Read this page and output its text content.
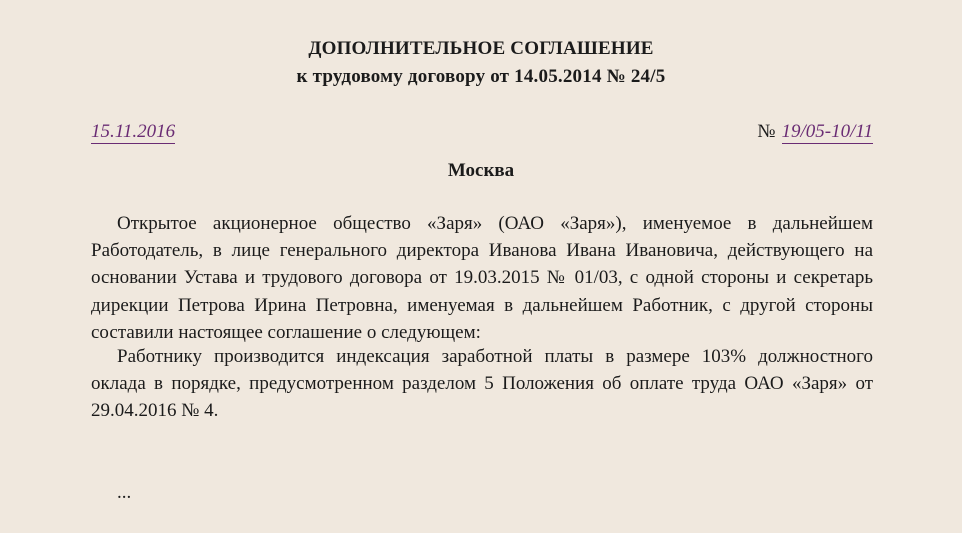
ДОПОЛНИТЕЛЬНОЕ СОГЛАШЕНИЕ
к трудовому договору от 14.05.2014 № 24/5
15.11.2016	№ 19/05-10/11
Москва

Открытое акционерное общество «Заря» (ОАО «Заря»), именуемое в дальнейшем Работодатель, в лице генерального директора Иванова Ивана Ивановича, действующего на основании Устава и трудового договора от 19.03.2015 № 01/03, с одной стороны и секретарь дирекции Петрова Ирина Петровна, именуемая в дальнейшем Работник, с другой стороны составили настоящее соглашение о следующем:

Работнику производится индексация заработной платы в размере 103% должностного оклада в порядке, предусмотренном разделом 5 Положения об оплате труда ОАО «Заря» от 29.04.2016 № 4.

...
